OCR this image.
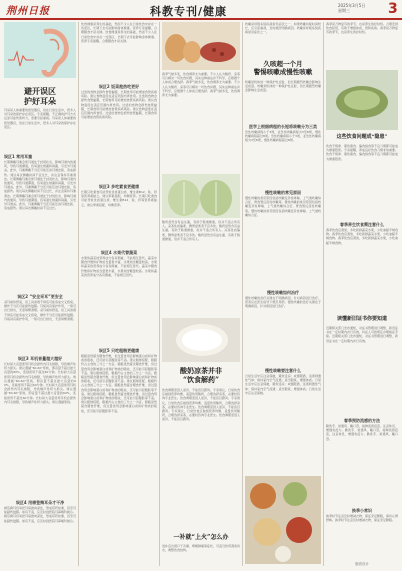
荆州日报	科教专刊/健康	2025年3月5日
星期三	3
避开误区
护好耳朵
耳朵是人体重要的感觉器官，但在日常生活中，很多人对耳朵的保护存在误区。专家提醒，不正确的护耳方式反而可能伤害听力，需要引起重视。耳朵是人体重要的感觉器官，但在日常生活中，很多人对耳朵的保护存在误区。
误区1 常用耳塞
长期佩戴耳塞会使耳道处于封闭状态，影响耳道内的通风，导致耳道潮湿，容易滋生细菌和真菌，引发外耳道炎。此外，耳塞佩戴不当还可能压迫耳道皮肤，造成损伤。建议每次佩戴时间不宜过长，并注意保持耳塞清洁。长期佩戴耳塞会使耳道处于封闭状态，影响耳道内的通风，导致耳道潮湿，容易滋生细菌和真菌，引发外耳道炎。此外，耳塞佩戴不当还可能压迫耳道皮肤，造成损伤。建议每次佩戴时间不宜过长，并注意保持耳塞清洁。长期佩戴耳塞会使耳道处于封闭状态，影响耳道内的通风，导致耳道潮湿，容易滋生细菌和真菌，引发外耳道炎。此外，耳塞佩戴不当还可能压迫耳道皮肤，造成损伤。建议每次佩戴时间不宜过长。
误区2 “安全采耳”更安全
采耳看似舒适，但工具消毒不彻底可能造成交叉感染，操作不当还可能损伤鼓膜。耳垢具有保护作用，一般可自行排出，无需频繁清理。采耳看似舒适，但工具消毒不彻底可能造成交叉感染，操作不当还可能损伤鼓膜。耳垢具有保护作用，一般可自行排出，无需频繁清理。
误区3 耳机音量越大越好
长时间大音量使用耳机会损伤内耳毛细胞，导致噪声性听力损失。建议遵循“60-60”原则，即音量不超过最大音量的60%，连续使用不超过60分钟。长时间大音量使用耳机会损伤内耳毛细胞，导致噪声性听力损失。建议遵循“60-60”原则，即音量不超过最大音量的60%，连续使用不超过60分钟。长时间大音量使用耳机会损伤内耳毛细胞，导致噪声性听力损失。建议遵循“60-60”原则，即音量不超过最大音量的60%，连续使用不超过60分钟。长时间大音量使用耳机会损伤内耳毛细胞，导致噪声性听力损失。建议遵循原则。
误区4 用棉签掏耳朵才干净
棉签掏耳容易把耳垢推向深处，形成耵聍栓塞，甚至可能戳伤鼓膜。如有不适，应及时到医院耳鼻喉科就诊。棉签掏耳容易把耳垢推向深处，形成耵聍栓塞，甚至可能戳伤鼓膜。如有不适，应及时到医院耳鼻喉科就诊。
饮食健康是养生的基础，然而不少人在日常饮食中存在一些误区，长期下去可能影响身体健康。营养专家提醒，合理膳食才是关键。饮食健康是养生的基础，然而不少人在日常饮食中存在一些误区，长期下去可能影响身体健康。营养专家提醒，合理膳食才是关键。
误区2 饭菜趁热吃更好
过烫的食物会损伤食管黏膜，长期食用可能增加食管疾病风险。建议食物温度在适宜范围内再食用。过烫的食物会损伤食管黏膜，长期食用可能增加食管疾病风险。建议食物温度在适宜范围内再食用。过烫的食物会损伤食管黏膜，长期食用可能增加食管疾病风险。建议食物温度在适宜范围内再食用。过烫的食物会损伤食管黏膜，长期食用可能增加食管疾病风险。
误区3 多吃素食更健康
长期只吃素食可能导致优质蛋白质、维生素B12、铁、锌等营养素缺乏。建议荤素搭配，均衡营养。长期只吃素食可能导致优质蛋白质、维生素B12、铁、锌等营养素缺乏。建议荤素搭配，均衡营养。
误区4 水果代替蔬菜
水果和蔬菜的营养成分各有侧重，不能相互替代。蔬菜中膳食纤维和矿物质含量更丰富，水果则含糖量较高。水果和蔬菜的营养成分各有侧重，不能相互替代。蔬菜中膳食纤维和矿物质含量更丰富，水果则含糖量较高。水果和蔬菜的营养成分各有侧重，不能相互替代。
误区5 只吃粗粮更健康
粗粮虽然富含膳食纤维，但过量食用会影响蛋白质和矿物质的吸收，还可能引起腹胀等不适。建议粗细搭配，粗粮约占主食的三分之一为宜。粗粮虽然富含膳食纤维，但过量食用会影响蛋白质和矿物质的吸收，还可能引起腹胀等不适。建议粗细搭配，粗粮约占主食的三分之一为宜。粗粮虽然富含膳食纤维，但过量食用会影响蛋白质和矿物质的吸收，还可能引起腹胀等不适。建议粗细搭配，粗粮约占主食的三分之一为宜。粗粮虽然富含膳食纤维，但过量食用会影响蛋白质和矿物质的吸收，还可能引起腹胀等不适。建议粗细搭配。粗粮虽然富含膳食纤维，但过量食用会影响蛋白质和矿物质的吸收，还可能引起腹胀等不适。建议粗细搭配，粗粮约占主食的三分之一为宜。粗粮虽然富含膳食纤维，但过量食用会影响蛋白质和矿物质的吸收，还可能引起腹胀等不适。
春季气候多变，饮食调养尤为重要。不少人认为酸奶、凉茶可以解决一切饮食问题，其实这种看法并不科学，应根据个人体质合理选择。春季气候多变，饮食调养尤为重要。不少人认为酸奶、凉茶可以解决一切饮食问题，其实这种看法并不科学，应根据个人体质合理选择。春季气候多变，饮食调养尤为重要。
酸奶虽然含有益生菌，有助于肠道健康，但并不适合所有人。凉茶性质偏寒，脾胃虚寒者不宜多饮。酸奶虽然含有益生菌，有助于肠道健康，但并不适合所有人。凉茶性质偏寒，脾胃虚寒者不宜多饮。酸奶虽然含有益生菌，有助于肠道健康，但并不适合所有人。
酸奶凉茶并非
“饮食解药”
饮食调理需因人而异，不能盲目跟风。专家建议，日常饮食应做到营养均衡，适量饮用酸奶，合理选择凉茶，必要时咨询专业医生。饮食调理需因人而异，不能盲目跟风。专家建议，日常饮食应做到营养均衡，适量饮用酸奶，合理选择凉茶，必要时咨询专业医生。饮食调理需因人而异，不能盲目跟风。专家建议，日常饮食应做到营养均衡，适量饮用酸奶，合理选择凉茶，必要时咨询专业医生。饮食调理需因人而异，不能盲目跟风。
一补就“上火”怎么办
进补后出现口干舌燥、咽喉肿痛等症状，可适当饮用清淡汤水，调整饮食结构。
咳嗽是呼吸系统疾病常见症状之一，如果咳嗽持续时间较长，应引起重视，及时就医明确病因。咳嗽是呼吸系统疾病常见症状之一。
久咳超一个月
警惕咳嗽成慢性咳嗽
咳嗽是机体的一种保护性反射，但长期剧烈咳嗽会影响生活质量。咳嗽是机体的一种保护性反射，但长期剧烈咳嗽会影响生活质量。
医学上根据病程的长短将咳嗽分为三类
急性咳嗽病程小于3周，亚急性咳嗽病程为3至8周，慢性咳嗽病程超过8周。急性咳嗽病程小于3周，亚急性咳嗽病程为3至8周，慢性咳嗽病程超过8周。
慢性咳嗽的常见原因
慢性咳嗽的常见原因包括咳嗽变异性哮喘、上气道咳嗽综合征、胃食管反流性咳嗽等。慢性咳嗽的常见原因包括咳嗽变异性哮喘、上气道咳嗽综合征、胃食管反流性咳嗽等。慢性咳嗽的常见原因包括咳嗽变异性哮喘、上气道咳嗽综合征。
慢性咳嗽如何治疗
慢性咳嗽的治疗关键在于明确病因，针对病因进行治疗。患者应在医生指导下规范用药。慢性咳嗽的治疗关键在于明确病因，针对病因进行治疗。
慢性咳嗽要注意什么
日常生活中应注意保暖，避免受凉；戒烟限酒，远离刺激性气体；保持室内空气流通；适当锻炼，增强体质。日常生活中应注意保暖，避免受凉；戒烟限酒，远离刺激性气体；保持室内空气流通；适当锻炼，增强体质。日常生活中应注意保暖。
春季是万物复苏的季节，也是养生的好时机。合理安排饮食起居，有助于增强体质，预防疾病。春季是万物复苏的季节，也是养生的好时机。
这些饮食问题成“隐患”
饮食不规律、暴饮暴食、偏食挑食等不良习惯都可能成为健康隐患。专家提醒，养成良好饮食习惯非常重要。饮食不规律、暴饮暴食、偏食挑食等不良习惯都可能成为健康隐患。
春季养生饮食需注意什么
春季饮食宜清淡，多吃新鲜蔬菜水果，少吃油腻辛辣食物。春季饮食宜清淡，多吃新鲜蔬菜水果，少吃油腻辛辣食物。春季饮食宜清淡，多吃新鲜蔬菜水果，少吃油腻辛辣食物。
读懂新旧证书你要知道
近期相关部门发布通知，对证书管理进行调整，新旧证书在一定时期内并行有效，持证人可按规定办理换证手续。近期相关部门发布通知，对证书管理进行调整，新旧证书在一定时期内并行有效。
春季预防流感的方法
勤洗手、常通风、戴口罩，接种流感疫苗，注意休息，增强免疫力。勤洗手、常通风、戴口罩，接种流感疫苗，注意休息，增强免疫力。勤洗手、常通风、戴口罩。
换季小常识
换季时节注意及时增减衣物，保证充足睡眠，保持心情舒畅。换季时节注意及时增减衣物，保证充足睡眠。
版面设计
